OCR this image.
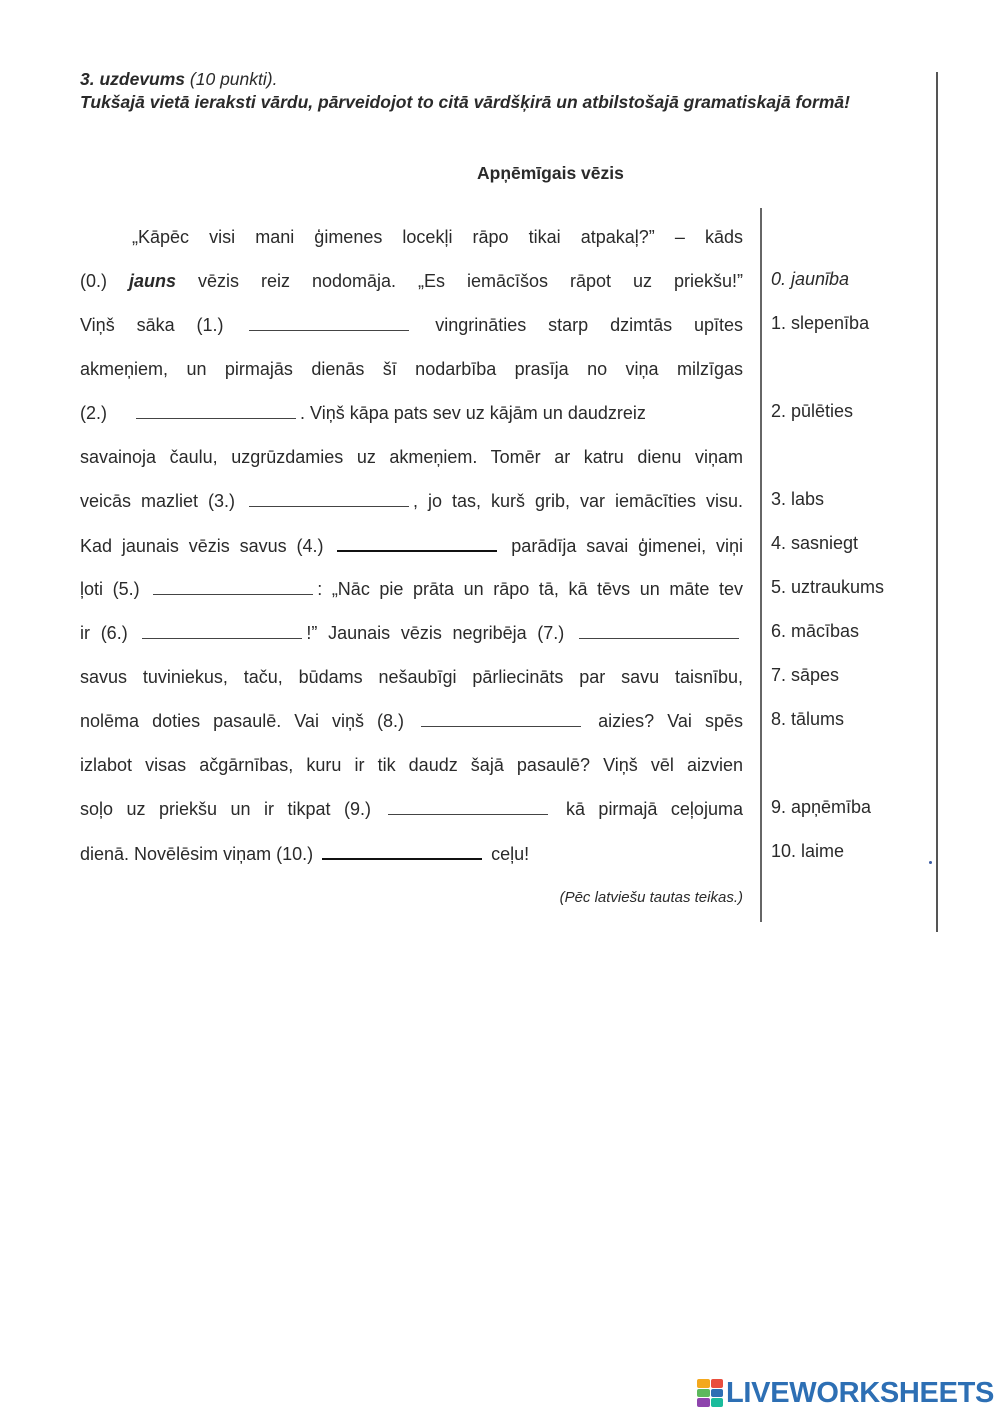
3. uzdevums (10 punkti).
Tukšajā vietā ieraksti vārdu, pārveidojot to citā vārdšķirā un atbilstošajā gramatiskajā formā!
Apņēmīgais vēzis
„Kāpēc visi mani ģimenes locekļi rāpo tikai atpakaļ?” – kāds
(0.) jauns vēzis reiz nodomāja. „Es iemācīšos rāpot uz priekšu!”
Viņš sāka (1.)	vingrināties starp dzimtās upītes
akmeņiem, un pirmajās dienās šī nodarbība prasīja no viņa milzīgas
(2.)	. Viņš kāpa pats sev uz kājām un daudzreiz
savainoja čaulu, uzgrūzdamies uz akmeņiem. Tomēr ar katru dienu viņam
veicās mazliet (3.)	, jo tas, kurš grib, var iemācīties visu.
Kad jaunais vēzis savus (4.)	parādīja savai ģimenei, viņi
ļoti (5.)	: „Nāc pie prāta un rāpo tā, kā tēvs un māte tev
ir (6.)	!” Jaunais vēzis negribēja (7.)
savus tuviniekus, taču, būdams nešaubīgi pārliecināts par savu taisnību,
nolēma doties pasaulē. Vai viņš (8.)	aizies? Vai spēs
izlabot visas ačgārnības, kuru ir tik daudz šajā pasaulē? Viņš vēl aizvien
soļo uz priekšu un ir tikpat (9.)	kā pirmajā ceļojuma
dienā. Novēlēsim viņam (10.)	ceļu!
(Pēc latviešu tautas teikas.)
0. jaunība
1. slepenība
2. pūlēties
3. labs
4. sasniegt
5. uztraukums
6. mācības
7. sāpes
8. tālums
9. apņēmība
10. laime
LIVEWORKSHEETS
